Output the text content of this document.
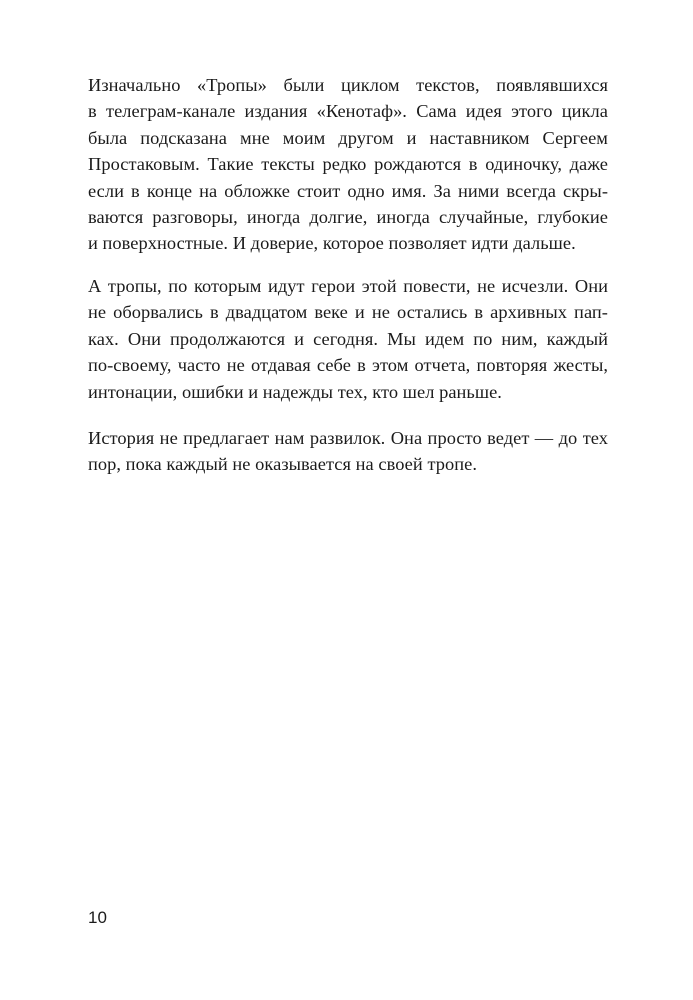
Изначально «Тропы» были циклом текстов, появлявшихся
в телеграм-канале издания «Кенотаф». Сама идея этого цикла
была подсказана мне моим другом и наставником Сергеем
Простаковым. Такие тексты редко рождаются в одиночку, даже
если в конце на обложке стоит одно имя. За ними всегда скры-
ваются разговоры, иногда долгие, иногда случайные, глубокие
и поверхностные. И доверие, которое позволяет идти дальше.

А тропы, по которым идут герои этой повести, не исчезли. Они
не оборвались в двадцатом веке и не остались в архивных пап-
ках. Они продолжаются и сегодня. Мы идем по ним, каждый
по-своему, часто не отдавая себе в этом отчета, повторяя жесты,
интонации, ошибки и надежды тех, кто шел раньше.

История не предлагает нам развилок. Она просто ведет — до тех
пор, пока каждый не оказывается на своей тропе.

10
